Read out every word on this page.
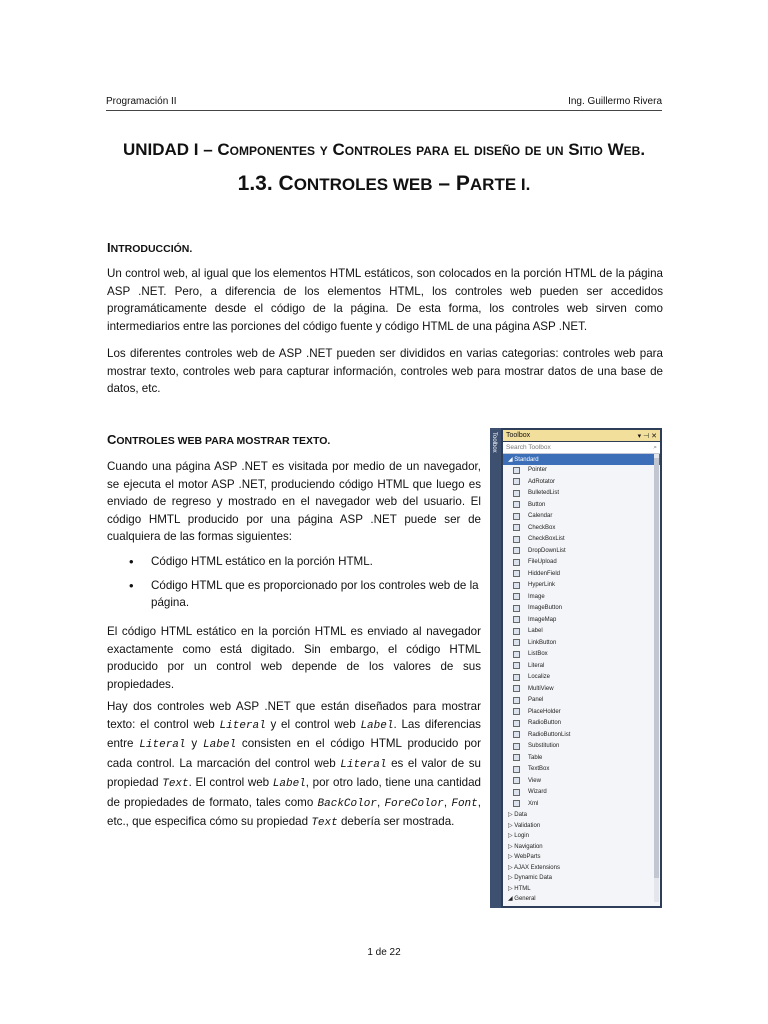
Programación II	Ing. Guillermo Rivera
UNIDAD I – Componentes y Controles para el diseño de un Sitio Web.
1.3. CONTROLES WEB – PARTE I.
INTRODUCCIÓN.

Un control web, al igual que los elementos HTML estáticos, son colocados en la porción HTML de la página ASP .NET. Pero, a diferencia de los elementos HTML, los controles web pueden ser accedidos programáticamente desde el código de la página. De esta forma, los controles web sirven como intermediarios entre las porciones del código fuente y código HTML de una página ASP .NET.

Los diferentes controles web de ASP .NET pueden ser divididos en varias categorias: controles web para mostrar texto, controles web para capturar información, controles web para mostrar datos de una base de datos, etc.

CONTROLES WEB PARA MOSTRAR TEXTO.

Cuando una página ASP .NET es visitada por medio de un navegador, se ejecuta el motor ASP .NET, produciendo código HTML que luego es enviado de regreso y mostrado en el navegador web del usuario. El código HMTL producido por una página ASP .NET puede ser de cualquiera de las formas siguientes:

• Código HTML estático en la porción HTML.
• Código HTML que es proporcionado por los controles web de la página.

El código HTML estático en la porción HTML es enviado al navegador exactamente como está digitado. Sin embargo, el código HTML producido por un control web depende de los valores de sus propiedades.

Hay dos controles web ASP .NET que están diseñados para mostrar texto: el control web Literal y el control web Label. Las diferencias entre Literal y Label consisten en el código HTML producido por cada control. La marcación del control web Literal es el valor de su propiedad Text. El control web Label, por otro lado, tiene una cantidad de propiedades de formato, tales como BackColor, ForeColor, Font, etc., que especifica cómo su propiedad Text debería ser mostrada.

Toolbox Toolbox	▾ ⊣ ✕
Search Toolbox	⌕
◢ Standard
Pointer
AdRotator
BulletedList
Button
Calendar
CheckBox
CheckBoxList
DropDownList
FileUpload
HiddenField
HyperLink
Image
ImageButton
ImageMap
Label
LinkButton
ListBox
Literal
Localize
MultiView
Panel
PlaceHolder
RadioButton
RadioButtonList
Substitution
Table
TextBox
View
Wizard
Xml
▷ Data
▷ Validation
▷ Login
▷ Navigation
▷ WebParts
▷ AJAX Extensions
▷ Dynamic Data
▷ HTML
◢ General
1 de 22
